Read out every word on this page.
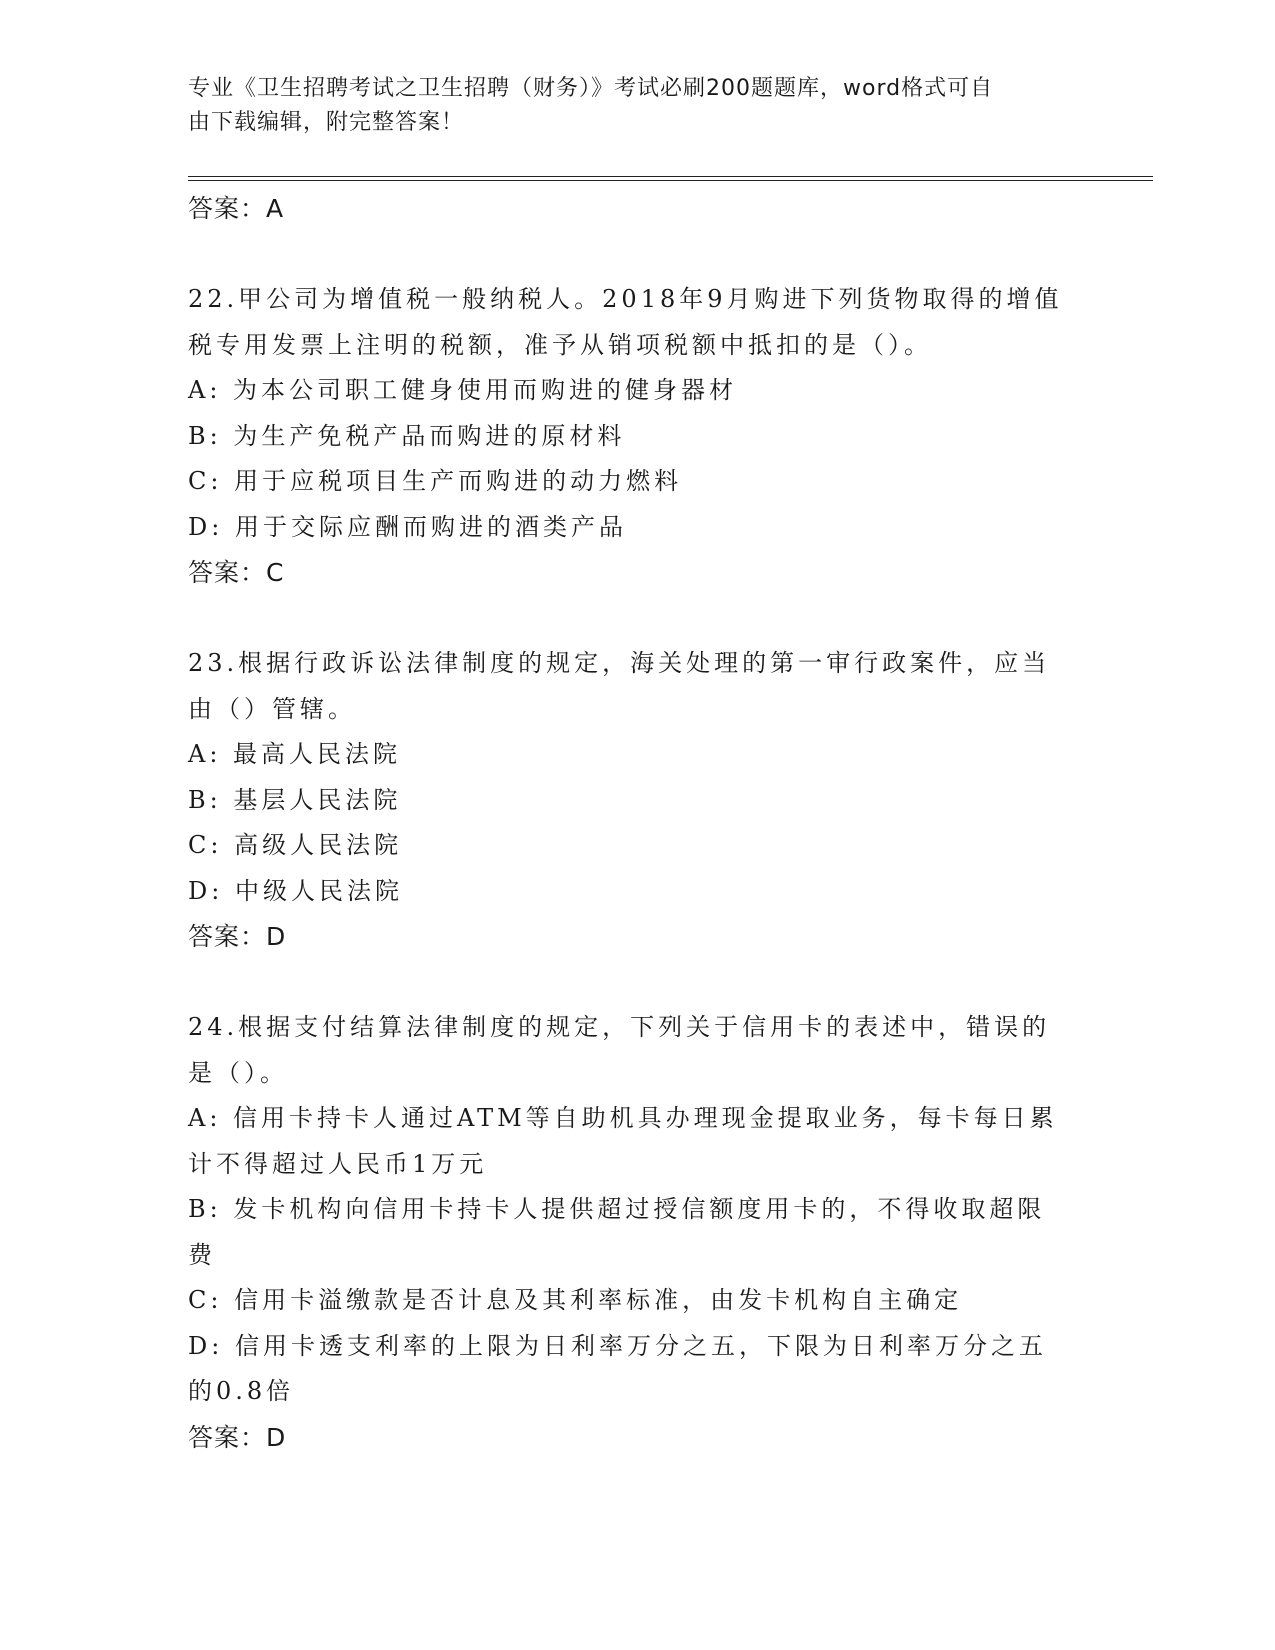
专业《卫生招聘考试之卫生招聘（财务）》考试必刷200题题库，word格式可自
由下载编辑，附完整答案！
答案：A
22.甲公司为增值税一般纳税人。2018年9月购进下列货物取得的增值
税专用发票上注明的税额，准予从销项税额中抵扣的是（）。
A: 为本公司职工健身使用而购进的健身器材
B: 为生产免税产品而购进的原材料
C: 用于应税项目生产而购进的动力燃料
D: 用于交际应酬而购进的酒类产品
答案：C
23.根据行政诉讼法律制度的规定，海关处理的第一审行政案件，应当
由（）管辖。
A: 最高人民法院
B: 基层人民法院
C: 高级人民法院
D: 中级人民法院
答案：D
24.根据支付结算法律制度的规定，下列关于信用卡的表述中，错误的
是（）。
A: 信用卡持卡人通过ATM等自助机具办理现金提取业务，每卡每日累
计不得超过人民币1万元
B: 发卡机构向信用卡持卡人提供超过授信额度用卡的，不得收取超限
费
C: 信用卡溢缴款是否计息及其利率标准，由发卡机构自主确定
D: 信用卡透支利率的上限为日利率万分之五，下限为日利率万分之五
的0.8倍
答案：D
